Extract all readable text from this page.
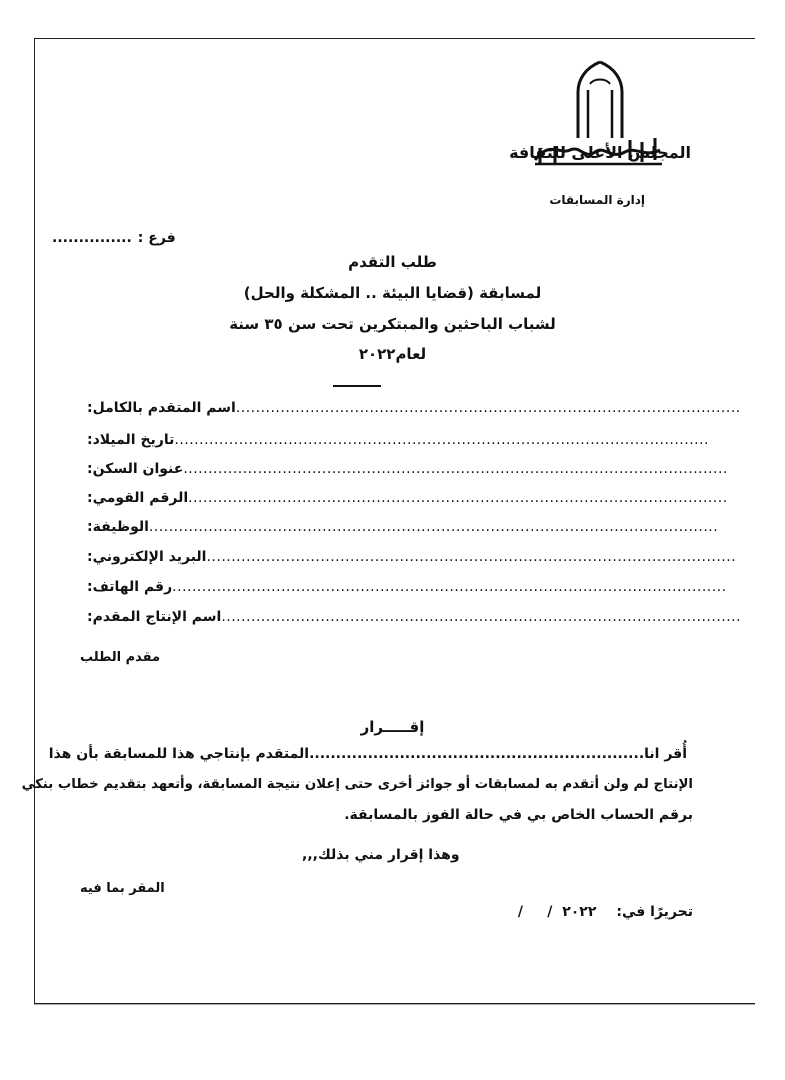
المجلس الأعلى للثقافة
إدارة المسابقات
............... فرع :
طلب التقدم
لمسابقة (قضايا البيئة .. المشكلة والحل)
لشباب الباحثين والمبتكرين تحت سن ٣٥ سنة
لعام٢٠٢٢
اسم المتقدم بالكامل: ......................................................................................................
تاريخ الميلاد: ............................................................................................................
عنوان السكن: ..............................................................................................................
الرقم القومي: .............................................................................................................
الوظيفة: ...................................................................................................................
البريد الإلكتروني: ...........................................................................................................
رقم الهاتف: ................................................................................................................
اسم الإنتاج المقدم: .........................................................................................................
مقدم الطلب
إقـــــرار
أُقر انا...............................................................المتقدم بإنتاجي هذا للمسابقة بأن هذا
الإنتاج لم ولن أتقدم به لمسابقات أو جوائز أخرى حتى إعلان نتيجة المسابقة، وأتعهد بتقديم خطاب بنكي
برقم الحساب الخاص بي في حالة الفوز بالمسابقة.
وهذا إقرار مني بذلك,,,
المقر بما فيه
تحريرًا في:
/     /  ٢٠٢٢
